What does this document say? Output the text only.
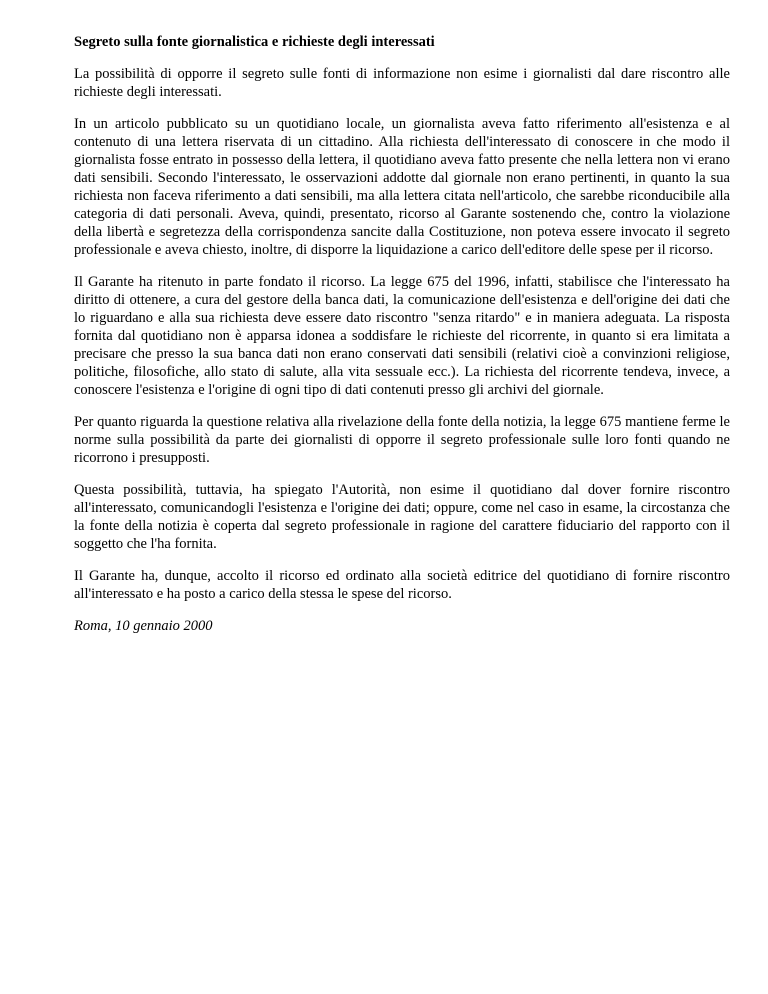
Segreto sulla fonte giornalistica e richieste degli interessati

La possibilità di opporre il segreto sulle fonti di informazione non esime i giornalisti dal dare riscontro alle richieste degli interessati.

In un articolo pubblicato su un quotidiano locale, un giornalista aveva fatto riferimento all'esistenza e al contenuto di una lettera riservata di un cittadino. Alla richiesta dell'interessato di conoscere in che modo il giornalista fosse entrato in possesso della lettera, il quotidiano aveva fatto presente che nella lettera non vi erano dati sensibili. Secondo l'interessato, le osservazioni addotte dal giornale non erano pertinenti, in quanto la sua richiesta non faceva riferimento a dati sensibili, ma alla lettera citata nell'articolo, che sarebbe riconducibile alla categoria di dati personali. Aveva, quindi, presentato, ricorso al Garante sostenendo che, contro la violazione della libertà e segretezza della corrispondenza sancite dalla Costituzione, non poteva essere invocato il segreto professionale e aveva chiesto, inoltre, di disporre la liquidazione a carico dell'editore delle spese per il ricorso.

Il Garante ha ritenuto in parte fondato il ricorso. La legge 675 del 1996, infatti, stabilisce che l'interessato ha diritto di ottenere, a cura del gestore della banca dati, la comunicazione dell'esistenza e dell'origine dei dati che lo riguardano e alla sua richiesta deve essere dato riscontro "senza ritardo" e in maniera adeguata. La risposta fornita dal quotidiano non è apparsa idonea a soddisfare le richieste del ricorrente, in quanto si era limitata a precisare che presso la sua banca dati non erano conservati dati sensibili (relativi cioè a convinzioni religiose, politiche, filosofiche, allo stato di salute, alla vita sessuale ecc.). La richiesta del ricorrente tendeva, invece, a conoscere l'esistenza e l'origine di ogni tipo di dati contenuti presso gli archivi del giornale.

Per quanto riguarda la questione relativa alla rivelazione della fonte della notizia, la legge 675 mantiene ferme le norme sulla possibilità da parte dei giornalisti di opporre il segreto professionale sulle loro fonti quando ne ricorrono i presupposti.

Questa possibilità, tuttavia, ha spiegato l'Autorità, non esime il quotidiano dal dover fornire riscontro all'interessato, comunicandogli l'esistenza e l'origine dei dati; oppure, come nel caso in esame, la circostanza che la fonte della notizia è coperta dal segreto professionale in ragione del carattere fiduciario del rapporto con il soggetto che l'ha fornita.

Il Garante ha, dunque, accolto il ricorso ed ordinato alla società editrice del quotidiano di fornire riscontro all'interessato e ha posto a carico della stessa le spese del ricorso.

Roma, 10 gennaio 2000
